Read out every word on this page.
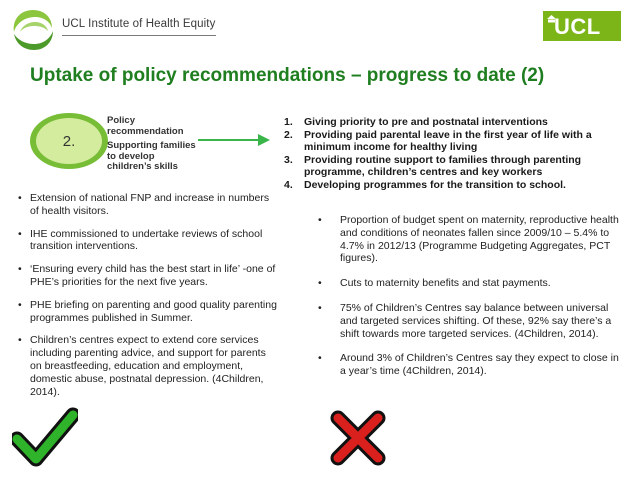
UCL Institute of Health Equity	UCL
Uptake of policy recommendations – progress to date (2)
2.
Policy recommendation
Supporting families to develop children’s skills
1. Giving priority to pre and postnatal interventions
2. Providing paid parental leave in the first year of life with a minimum income for healthy living
3. Providing routine support to families through parenting programme, children’s centres and key workers
4. Developing programmes for the transition to school.
• Extension of national FNP and increase in numbers of health visitors.
• IHE commissioned to undertake reviews of school transition interventions.
• ‘Ensuring every child has the best start in life’ -one of PHE’s priorities for the next five years.
• PHE briefing on parenting and good quality parenting programmes published in Summer.
• Children’s centres expect to extend core services including parenting advice, and support for parents on breastfeeding, education and employment, domestic abuse, postnatal depression. (4Children, 2014).
• Proportion of budget spent on maternity, reproductive health and conditions of neonates fallen since 2009/10 – 5.4% to 4.7% in 2012/13 (Programme Budgeting Aggregates, PCT figures).
• Cuts to maternity benefits and stat payments.
• 75% of Children’s Centres say balance between universal and targeted services shifting. Of these, 92% say there’s a shift towards more targeted services. (4Children, 2014).
• Around 3% of Children’s Centres say they expect to close in a year’s time (4Children, 2014).
